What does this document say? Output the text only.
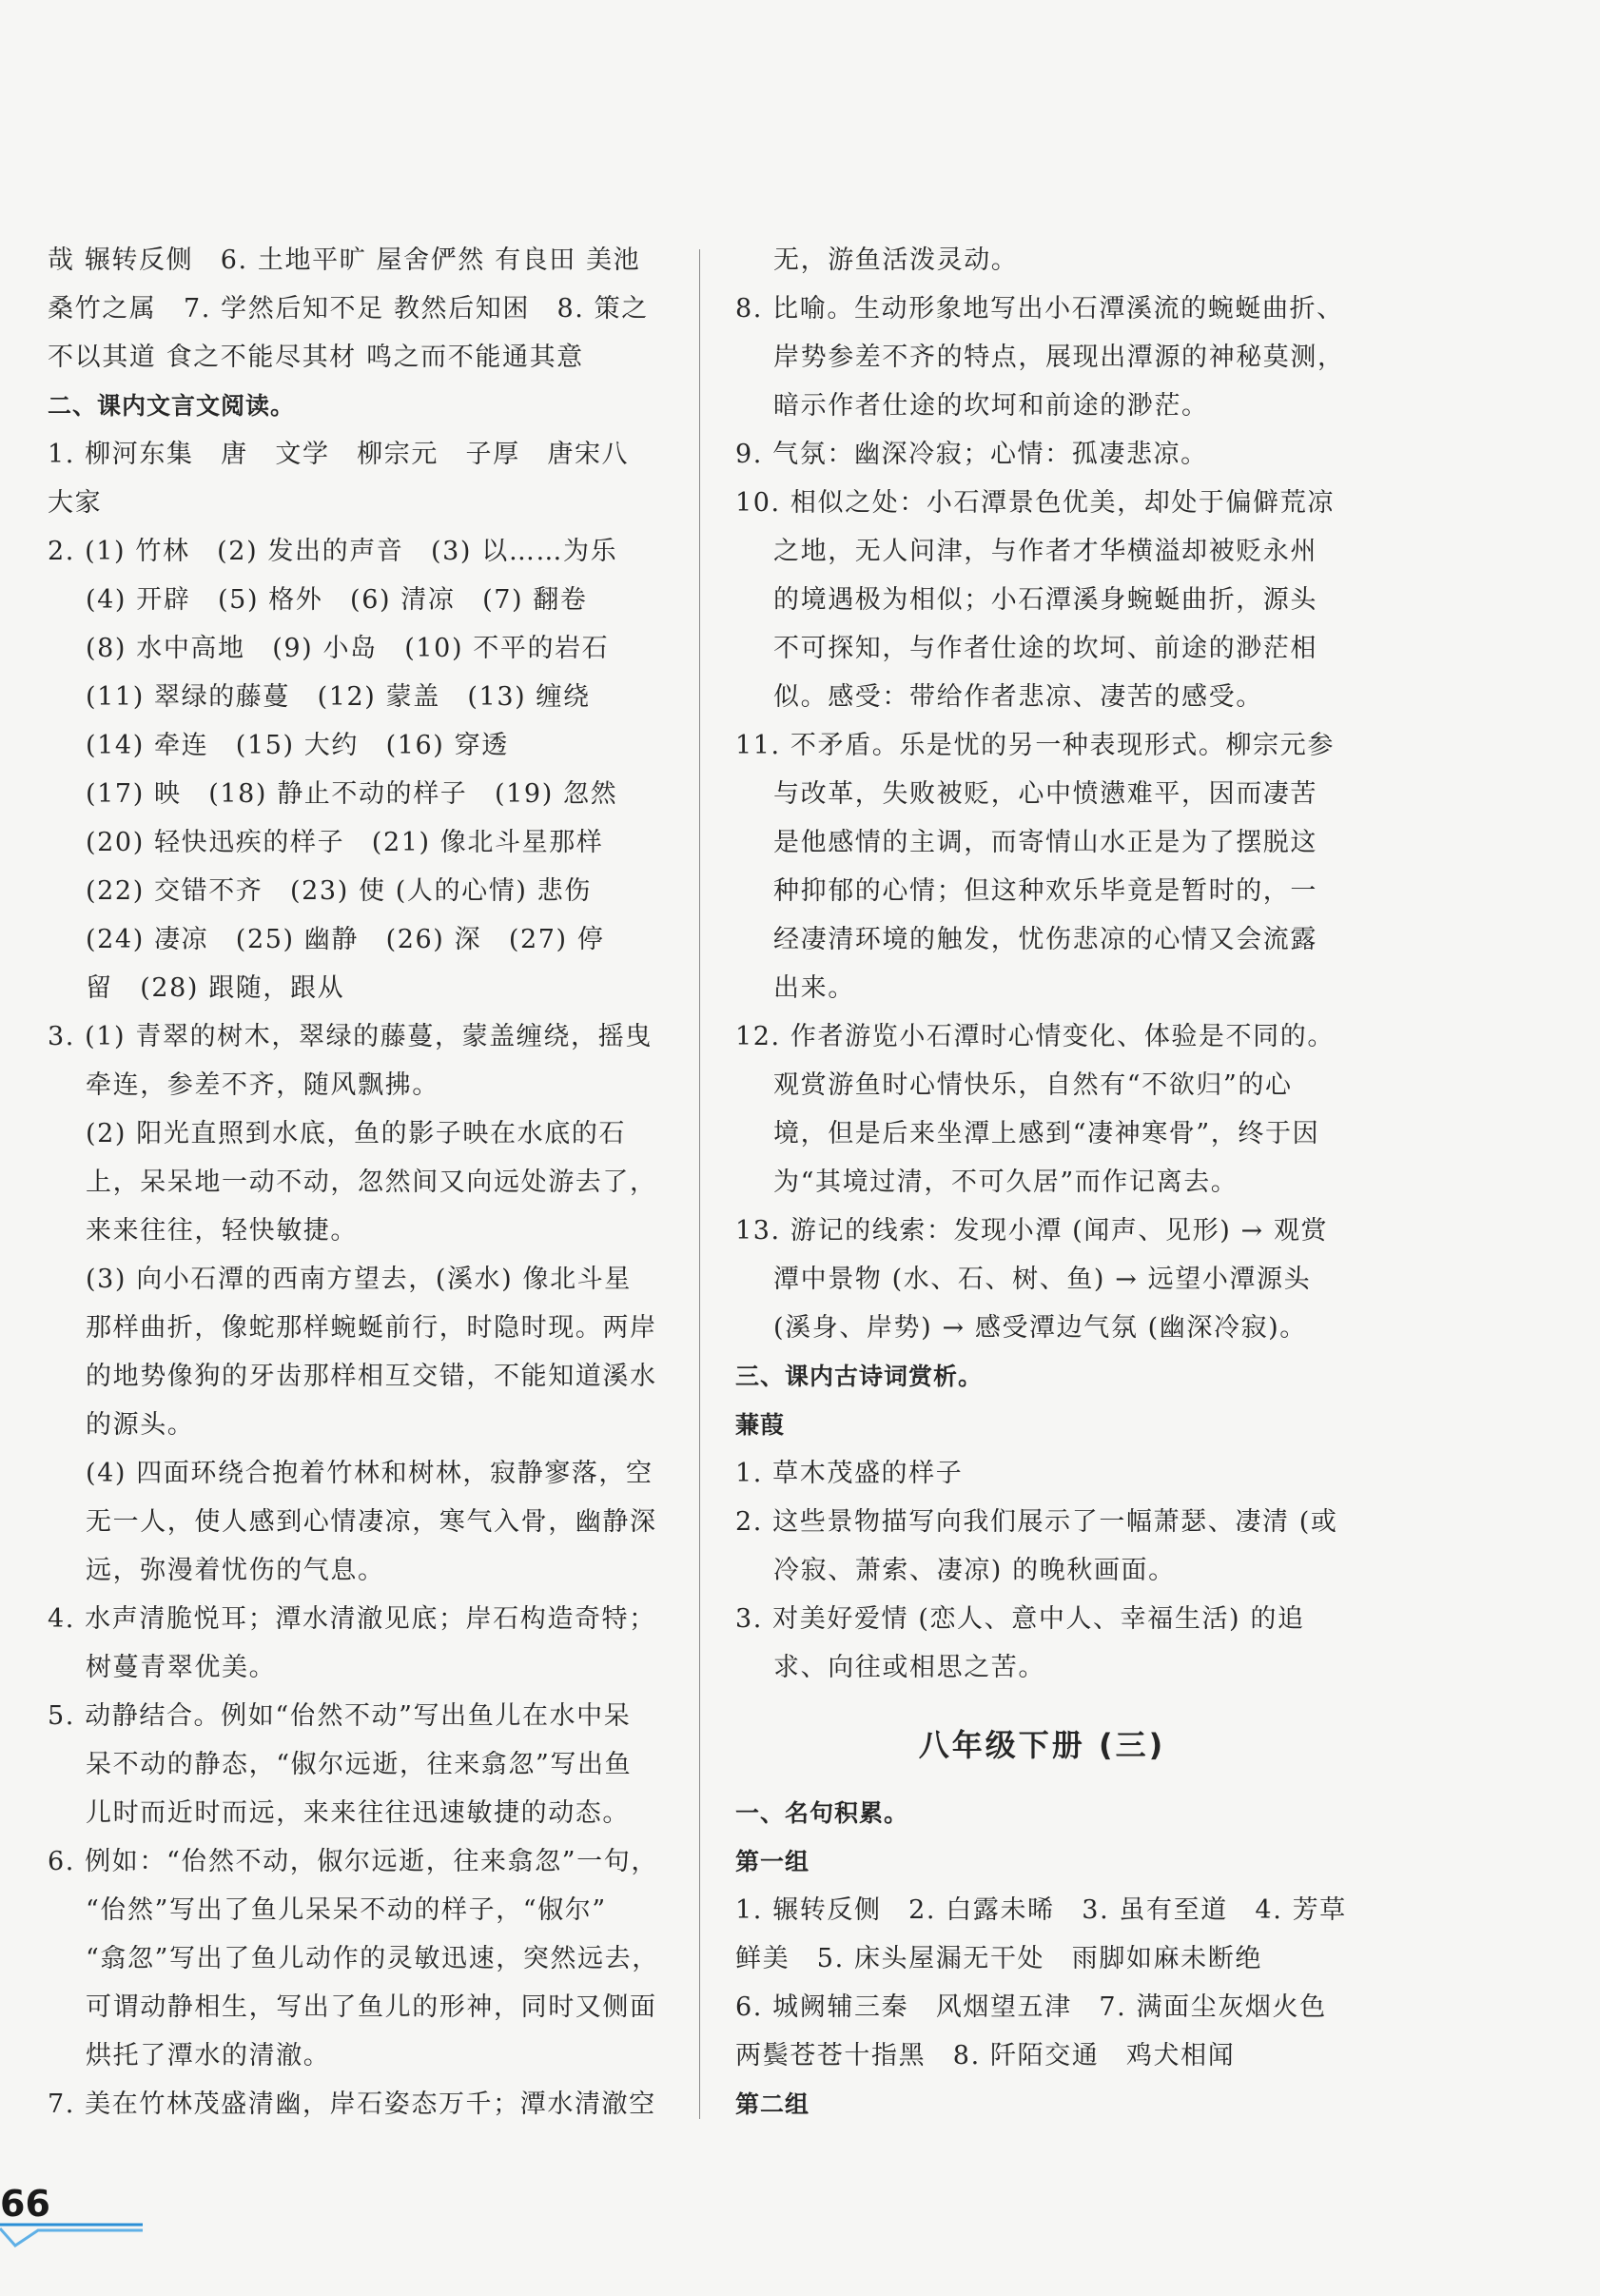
哉 辗转反侧　6. 土地平旷 屋舍俨然 有良田 美池
桑竹之属　7. 学然后知不足 教然后知困　8. 策之
不以其道 食之不能尽其材 鸣之而不能通其意
二、课内文言文阅读。
1. 柳河东集　唐　文学　柳宗元　子厚　唐宋八
大家
2. (1) 竹林　(2) 发出的声音　(3) 以……为乐
(4) 开辟　(5) 格外　(6) 清凉　(7) 翻卷
(8) 水中高地　(9) 小岛　(10) 不平的岩石
(11) 翠绿的藤蔓　(12) 蒙盖　(13) 缠绕
(14) 牵连　(15) 大约　(16) 穿透
(17) 映　(18) 静止不动的样子　(19) 忽然
(20) 轻快迅疾的样子　(21) 像北斗星那样
(22) 交错不齐　(23) 使 (人的心情) 悲伤
(24) 凄凉　(25) 幽静　(26) 深　(27) 停
留　(28) 跟随，跟从
3. (1) 青翠的树木，翠绿的藤蔓，蒙盖缠绕，摇曳
牵连，参差不齐，随风飘拂。
(2) 阳光直照到水底，鱼的影子映在水底的石
上，呆呆地一动不动，忽然间又向远处游去了，
来来往往，轻快敏捷。
(3) 向小石潭的西南方望去，(溪水) 像北斗星
那样曲折，像蛇那样蜿蜒前行，时隐时现。两岸
的地势像狗的牙齿那样相互交错，不能知道溪水
的源头。
(4) 四面环绕合抱着竹林和树林，寂静寥落，空
无一人，使人感到心情凄凉，寒气入骨，幽静深
远，弥漫着忧伤的气息。
4. 水声清脆悦耳；潭水清澈见底；岸石构造奇特；
树蔓青翠优美。
5. 动静结合。例如“佁然不动”写出鱼儿在水中呆
呆不动的静态，“俶尔远逝，往来翕忽”写出鱼
儿时而近时而远，来来往往迅速敏捷的动态。
6. 例如：“佁然不动，俶尔远逝，往来翕忽”一句，
“佁然”写出了鱼儿呆呆不动的样子，“俶尔”
“翕忽”写出了鱼儿动作的灵敏迅速，突然远去，
可谓动静相生，写出了鱼儿的形神，同时又侧面
烘托了潭水的清澈。
7. 美在竹林茂盛清幽，岸石姿态万千；潭水清澈空
无，游鱼活泼灵动。
8. 比喻。生动形象地写出小石潭溪流的蜿蜒曲折、
岸势参差不齐的特点，展现出潭源的神秘莫测，
暗示作者仕途的坎坷和前途的渺茫。
9. 气氛：幽深冷寂；心情：孤凄悲凉。
10. 相似之处：小石潭景色优美，却处于偏僻荒凉
之地，无人问津，与作者才华横溢却被贬永州
的境遇极为相似；小石潭溪身蜿蜒曲折，源头
不可探知，与作者仕途的坎坷、前途的渺茫相
似。感受：带给作者悲凉、凄苦的感受。
11. 不矛盾。乐是忧的另一种表现形式。柳宗元参
与改革，失败被贬，心中愤懑难平，因而凄苦
是他感情的主调，而寄情山水正是为了摆脱这
种抑郁的心情；但这种欢乐毕竟是暂时的，一
经凄清环境的触发，忧伤悲凉的心情又会流露
出来。
12. 作者游览小石潭时心情变化、体验是不同的。
观赏游鱼时心情快乐，自然有“不欲归”的心
境，但是后来坐潭上感到“凄神寒骨”，终于因
为“其境过清，不可久居”而作记离去。
13. 游记的线索：发现小潭 (闻声、见形) → 观赏
潭中景物 (水、石、树、鱼) → 远望小潭源头
(溪身、岸势) → 感受潭边气氛 (幽深冷寂)。
三、课内古诗词赏析。
蒹葭
1. 草木茂盛的样子
2. 这些景物描写向我们展示了一幅萧瑟、凄清 (或
冷寂、萧索、凄凉) 的晚秋画面。
3. 对美好爱情 (恋人、意中人、幸福生活) 的追
求、向往或相思之苦。
八年级下册 (三)
一、名句积累。
第一组
1. 辗转反侧　2. 白露未晞　3. 虽有至道　4. 芳草
鲜美　5. 床头屋漏无干处　雨脚如麻未断绝
6. 城阙辅三秦　风烟望五津　7. 满面尘灰烟火色
两鬓苍苍十指黑　8. 阡陌交通　鸡犬相闻
第二组
66
